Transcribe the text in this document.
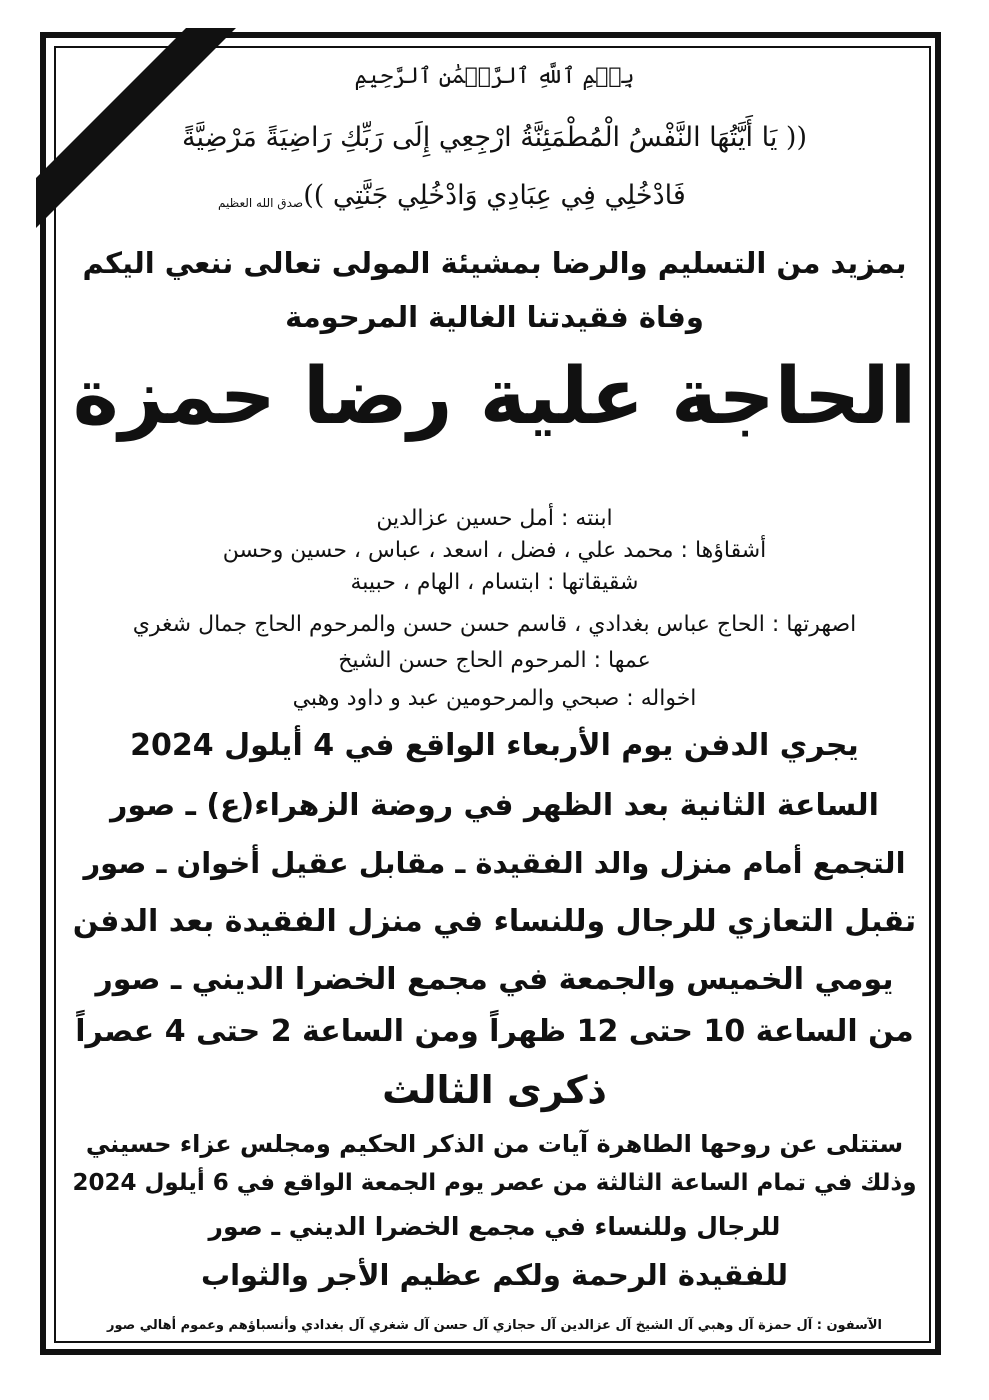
بِسۡمِ ٱللَّهِ ٱلرَّحۡمَٰنِ ٱلرَّحِيمِ
(( يَا أَيَّتُهَا النَّفْسُ الْمُطْمَئِنَّةُ ارْجِعِي إِلَى رَبِّكِ رَاضِيَةً مَرْضِيَّةً
فَادْخُلِي فِي عِبَادِي وَادْخُلِي جَنَّتِي ))
صدق الله العظيم
بمزيد من التسليم والرضا بمشيئة المولى تعالى ننعي اليكم
وفاة فقيدتنا الغالية المرحومة
الحاجة علية رضا حمزة
ابنته : أمل حسين عزالدين
أشقاؤها : محمد علي ، فضل ، اسعد ، عباس ، حسين وحسن
شقيقاتها : ابتسام ، الهام ، حبيبة
اصهرتها : الحاج عباس بغدادي ، قاسم حسن حسن والمرحوم الحاج جمال شغري
عمها : المرحوم الحاج حسن الشيخ
اخواله : صبحي والمرحومين عبد و داود وهبي
يجري الدفن يوم الأربعاء الواقع في 4 أيلول 2024
الساعة الثانية بعد الظهر في روضة الزهراء(ع) ـ صور
التجمع أمام منزل والد الفقيدة ـ مقابل عقيل أخوان ـ صور
تقبل التعازي للرجال وللنساء في منزل الفقيدة بعد الدفن
يومي الخميس والجمعة في مجمع الخضرا الديني ـ صور
من الساعة 10 حتى 12 ظهراً ومن الساعة 2 حتى 4 عصراً
ذكرى الثالث
ستتلى عن روحها الطاهرة آيات من الذكر الحكيم ومجلس عزاء حسيني
وذلك في تمام الساعة الثالثة من عصر يوم الجمعة الواقع في 6 أيلول 2024
للرجال وللنساء في مجمع الخضرا الديني ـ صور
للفقيدة الرحمة ولكم عظيم الأجر والثواب
الآسفون : آل حمزة آل وهبي آل الشيخ آل عزالدين آل حجازي آل حسن آل شغري آل بغدادي وأنسباؤهم وعموم أهالي صور
